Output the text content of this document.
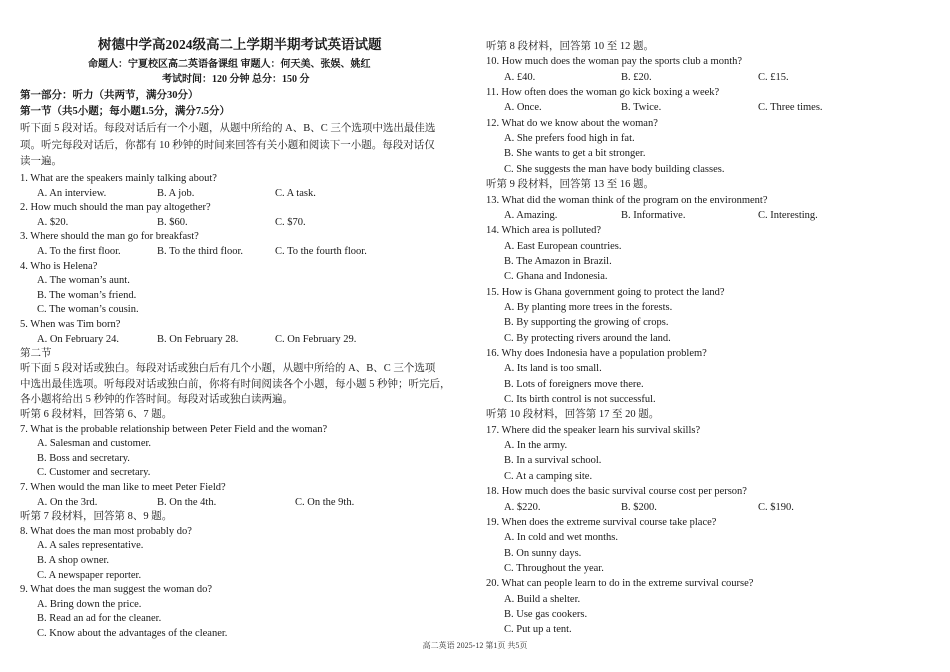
树德中学高2024级高二上学期半期考试英语试题
命题人：宁夏校区高二英语备课组 审题人：何天美、张娱、姚红
考试时间：120 分钟 总分：150 分
第一部分：听力（共两节，满分30分）
第一节（共5小题；每小题1.5分，满分7.5分）
听下面 5 段对话。每段对话后有一个小题，从题中所给的 A、B、C 三个选项中选出最佳选
项。听完每段对话后，你都有 10 秒钟的时间来回答有关小题和阅读下一小题。每段对话仅
读一遍。
1. What are the speakers mainly talking about?
A. An interview.	B. A job.	C. A task.
2. How much should the man pay altogether?
A. $20.	B. $60.	C. $70.
3. Where should the man go for breakfast?
A. To the first floor.	B. To the third floor.	C. To the fourth floor.
4. Who is Helena?
A. The woman’s aunt.
B. The woman’s friend.
C. The woman’s cousin.
5. When was Tim born?
A. On February 24.	B. On February 28.	C. On February 29.
第二节
听下面 5 段对话或独白。每段对话或独白后有几个小题，从题中所给的 A、B、C 三个选项
中选出最佳选项。听每段对话或独白前，你将有时间阅读各个小题，每小题 5 秒钟；听完后，
各小题将给出 5 秒钟的作答时间。每段对话或独白读两遍。
听第 6 段材料，回答第 6、7 题。
7. What is the probable relationship between Peter Field and the woman?
A. Salesman and customer.
B. Boss and secretary.
C. Customer and secretary.
7. When would the man like to meet Peter Field?
A. On the 3rd.	B. On the 4th.	C. On the 9th.
听第 7 段材料，回答第 8、9 题。
8. What does the man most probably do?
A. A sales representative.
B. A shop owner.
C. A newspaper reporter.
9. What does the man suggest the woman do?
A. Bring down the price.
B. Read an ad for the cleaner.
C. Know about the advantages of the cleaner.
听第 8 段材料，回答第 10 至 12 题。
10. How much does the woman pay the sports club a month?
A. £40.	B. £20.	C. £15.
11. How often does the woman go kick boxing a week?
A. Once.	B. Twice.	C. Three times.
12. What do we know about the woman?
A. She prefers food high in fat.
B. She wants to get a bit stronger.
C. She suggests the man have body building classes.
听第 9 段材料，回答第 13 至 16 题。
13. What did the woman think of the program on the environment?
A. Amazing.	B. Informative.	C. Interesting.
14. Which area is polluted?
A. East European countries.
B. The Amazon in Brazil.
C. Ghana and Indonesia.
15. How is Ghana government going to protect the land?
A. By planting more trees in the forests.
B. By supporting the growing of crops.
C. By protecting rivers around the land.
16. Why does Indonesia have a population problem?
A. Its land is too small.
B. Lots of foreigners move there.
C. Its birth control is not successful.
听第 10 段材料，回答第 17 至 20 题。
17. Where did the speaker learn his survival skills?
A. In the army.
B. In a survival school.
C. At a camping site.
18. How much does the basic survival course cost per person?
A. $220.	B. $200.	C. $190.
19. When does the extreme survival course take place?
A. In cold and wet months.
B. On sunny days.
C. Throughout the year.
20. What can people learn to do in the extreme survival course?
A. Build a shelter.
B. Use gas cookers.
C. Put up a tent.
高二英语 2025-12 第1页 共5页
